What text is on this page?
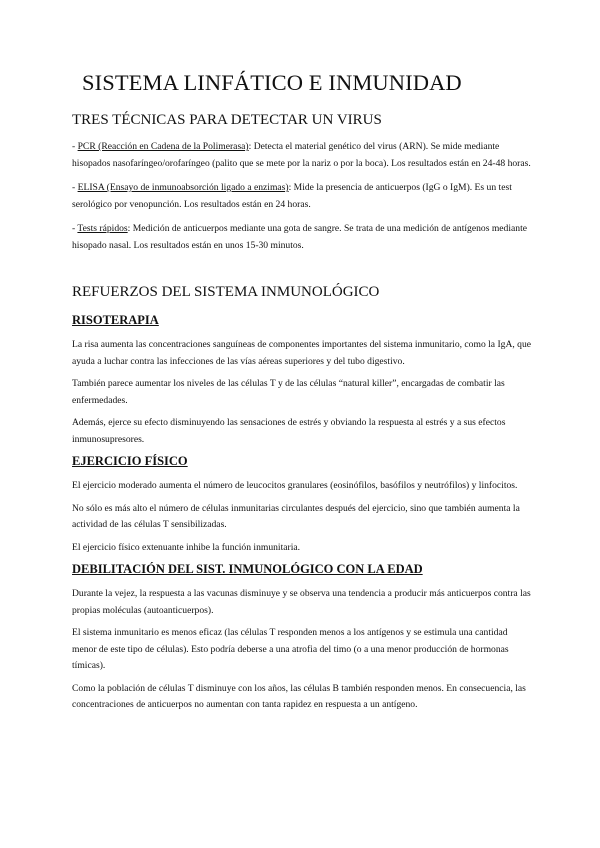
SISTEMA LINFÁTICO E INMUNIDAD
TRES TÉCNICAS PARA DETECTAR UN VIRUS

- PCR (Reacción en Cadena de la Polimerasa): Detecta el material genético del virus (ARN). Se mide mediante hisopados nasofaríngeo/orofaríngeo (palito que se mete por la nariz o por la boca). Los resultados están en 24-48 horas.

- ELISA (Ensayo de inmunoabsorción ligado a enzimas): Mide la presencia de anticuerpos (IgG o IgM). Es un test serológico por venopunción. Los resultados están en 24 horas.

- Tests rápidos: Medición de anticuerpos mediante una gota de sangre. Se trata de una medición de antígenos mediante hisopado nasal. Los resultados están en unos 15-30 minutos.

REFUERZOS DEL SISTEMA INMUNOLÓGICO
RISOTERAPIA

La risa aumenta las concentraciones sanguíneas de componentes importantes del sistema inmunitario, como la IgA, que ayuda a luchar contra las infecciones de las vías aéreas superiores y del tubo digestivo.

También parece aumentar los niveles de las células T y de las células “natural killer”, encargadas de combatir las enfermedades.

Además, ejerce su efecto disminuyendo las sensaciones de estrés y obviando la respuesta al estrés y a sus efectos inmunosupresores.

EJERCICIO FÍSICO

El ejercicio moderado aumenta el número de leucocitos granulares (eosinófilos, basófilos y neutrófilos) y linfocitos.

No sólo es más alto el número de células inmunitarias circulantes después del ejercicio, sino que también aumenta la actividad de las células T sensibilizadas.

El ejercicio físico extenuante inhibe la función inmunitaria.

DEBILITACIÓN DEL SIST. INMUNOLÓGICO CON LA EDAD

Durante la vejez, la respuesta a las vacunas disminuye y se observa una tendencia a producir más anticuerpos contra las propias moléculas (autoanticuerpos).

El sistema inmunitario es menos eficaz (las células T responden menos a los antígenos y se estimula una cantidad menor de este tipo de células). Esto podría deberse a una atrofia del timo (o a una menor producción de hormonas tímicas).

Como la población de células T disminuye con los años, las células B también responden menos. En consecuencia, las concentraciones de anticuerpos no aumentan con tanta rapidez en respuesta a un antígeno.
